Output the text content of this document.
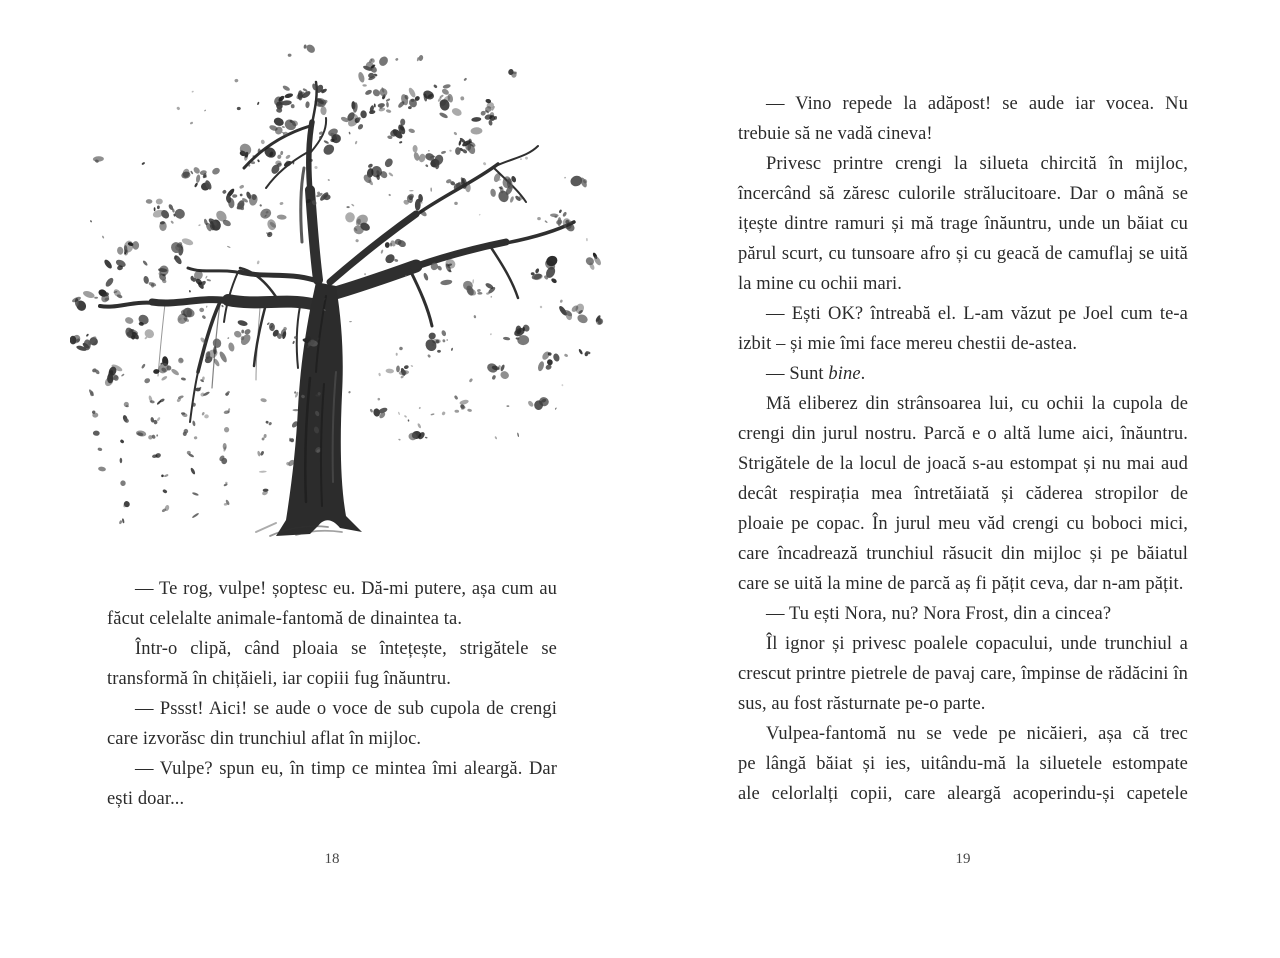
— Te rog, vulpe! șoptesc eu. Dă-mi putere, așa cum au
făcut celelalte animale-fantomă de dinaintea ta.
Într-o clipă, când ploaia se întețește, strigătele se
transformă în chițăieli, iar copiii fug înăuntru.
— Pssst! Aici! se aude o voce de sub cupola de crengi
care izvorăsc din trunchiul aflat în mijloc.
— Vulpe? spun eu, în timp ce mintea îmi aleargă. Dar
ești doar...
18
— Vino repede la adăpost! se aude iar vocea. Nu
trebuie să ne vadă cineva!
Privesc printre crengi la silueta chircită în mijloc,
încercând să zăresc culorile strălucitoare. Dar o mână se
ițește dintre ramuri și mă trage înăuntru, unde un băiat cu
părul scurt, cu tunsoare afro și cu geacă de camuflaj se uită
la mine cu ochii mari.
— Ești OK? întreabă el. L-am văzut pe Joel cum te-a
izbit – și mie îmi face mereu chestii de-astea.
— Sunt bine.
Mă eliberez din strânsoarea lui, cu ochii la cupola de
crengi din jurul nostru. Parcă e o altă lume aici, înăuntru.
Strigătele de la locul de joacă s-au estompat și nu mai aud
decât respirația mea întretăiată și căderea stropilor de
ploaie pe copac. În jurul meu văd crengi cu boboci mici,
care încadrează trunchiul răsucit din mijloc și pe băiatul
care se uită la mine de parcă aș fi pățit ceva, dar n-am pățit.
— Tu ești Nora, nu? Nora Frost, din a cincea?
Îl ignor și privesc poalele copacului, unde trunchiul a
crescut printre pietrele de pavaj care, împinse de rădăcini în
sus, au fost răsturnate pe-o parte.
Vulpea-fantomă nu se vede pe nicăieri, așa că trec
pe lângă băiat și ies, uitându-mă la siluetele estompate
ale celorlalți copii, care aleargă acoperindu-și capetele
19
